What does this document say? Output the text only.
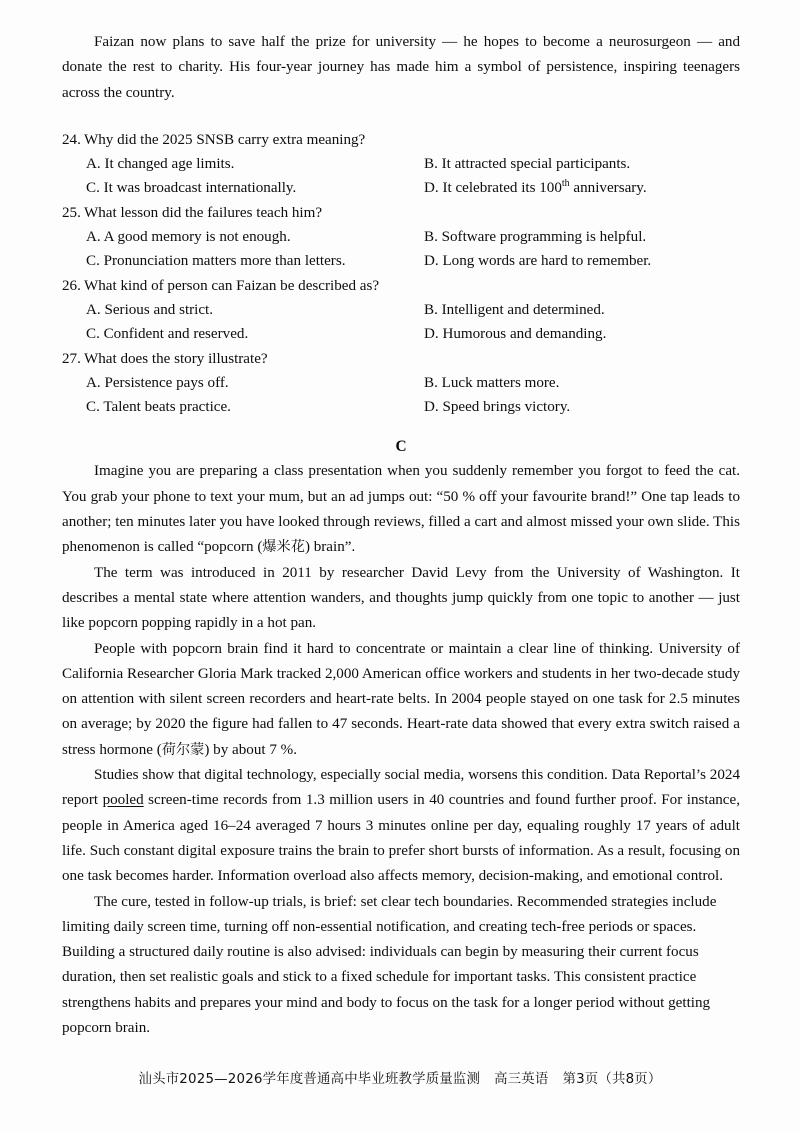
Faizan now plans to save half the prize for university — he hopes to become a neurosurgeon — and donate the rest to charity. His four-year journey has made him a symbol of persistence, inspiring teenagers across the country.

24. Why did the 2025 SNSB carry extra meaning?
A. It changed age limits.	B. It attracted special participants.
C. It was broadcast internationally.	D. It celebrated its 100th anniversary.
25. What lesson did the failures teach him?
A. A good memory is not enough.	B. Software programming is helpful.
C. Pronunciation matters more than letters.	D. Long words are hard to remember.
26. What kind of person can Faizan be described as?
A. Serious and strict.	B. Intelligent and determined.
C. Confident and reserved.	D. Humorous and demanding.
27. What does the story illustrate?
A. Persistence pays off.	B. Luck matters more.
C. Talent beats practice.	D. Speed brings victory.
C

Imagine you are preparing a class presentation when you suddenly remember you forgot to feed the cat. You grab your phone to text your mum, but an ad jumps out: “50 % off your favourite brand!” One tap leads to another; ten minutes later you have looked through reviews, filled a cart and almost missed your own slide. This phenomenon is called “popcorn (爆米花) brain”.

The term was introduced in 2011 by researcher David Levy from the University of Washington. It describes a mental state where attention wanders, and thoughts jump quickly from one topic to another — just like popcorn popping rapidly in a hot pan.

People with popcorn brain find it hard to concentrate or maintain a clear line of thinking. University of California Researcher Gloria Mark tracked 2,000 American office workers and students in her two-decade study on attention with silent screen recorders and heart-rate belts. In 2004 people stayed on one task for 2.5 minutes on average; by 2020 the figure had fallen to 47 seconds. Heart-rate data showed that every extra switch raised a stress hormone (荷尔蒙) by about 7 %.

Studies show that digital technology, especially social media, worsens this condition. Data Reportal’s 2024 report pooled screen-time records from 1.3 million users in 40 countries and found further proof. For instance, people in America aged 16–24 averaged 7 hours 3 minutes online per day, equaling roughly 17 years of adult life. Such constant digital exposure trains the brain to prefer short bursts of information. As a result, focusing on one task becomes harder. Information overload also affects memory, decision-making, and emotional control.

The cure, tested in follow-up trials, is brief: set clear tech boundaries. Recommended strategies include limiting daily screen time, turning off non-essential notification, and creating tech-free periods or spaces. Building a structured daily routine is also advised: individuals can begin by measuring their current focus duration, then set realistic goals and stick to a fixed schedule for important tasks. This consistent practice strengthens habits and prepares your mind and body to focus on the task for a longer period without getting popcorn brain.

汕头市2025—2026学年度普通高中毕业班教学质量监测 高三英语 第3页（共8页）
